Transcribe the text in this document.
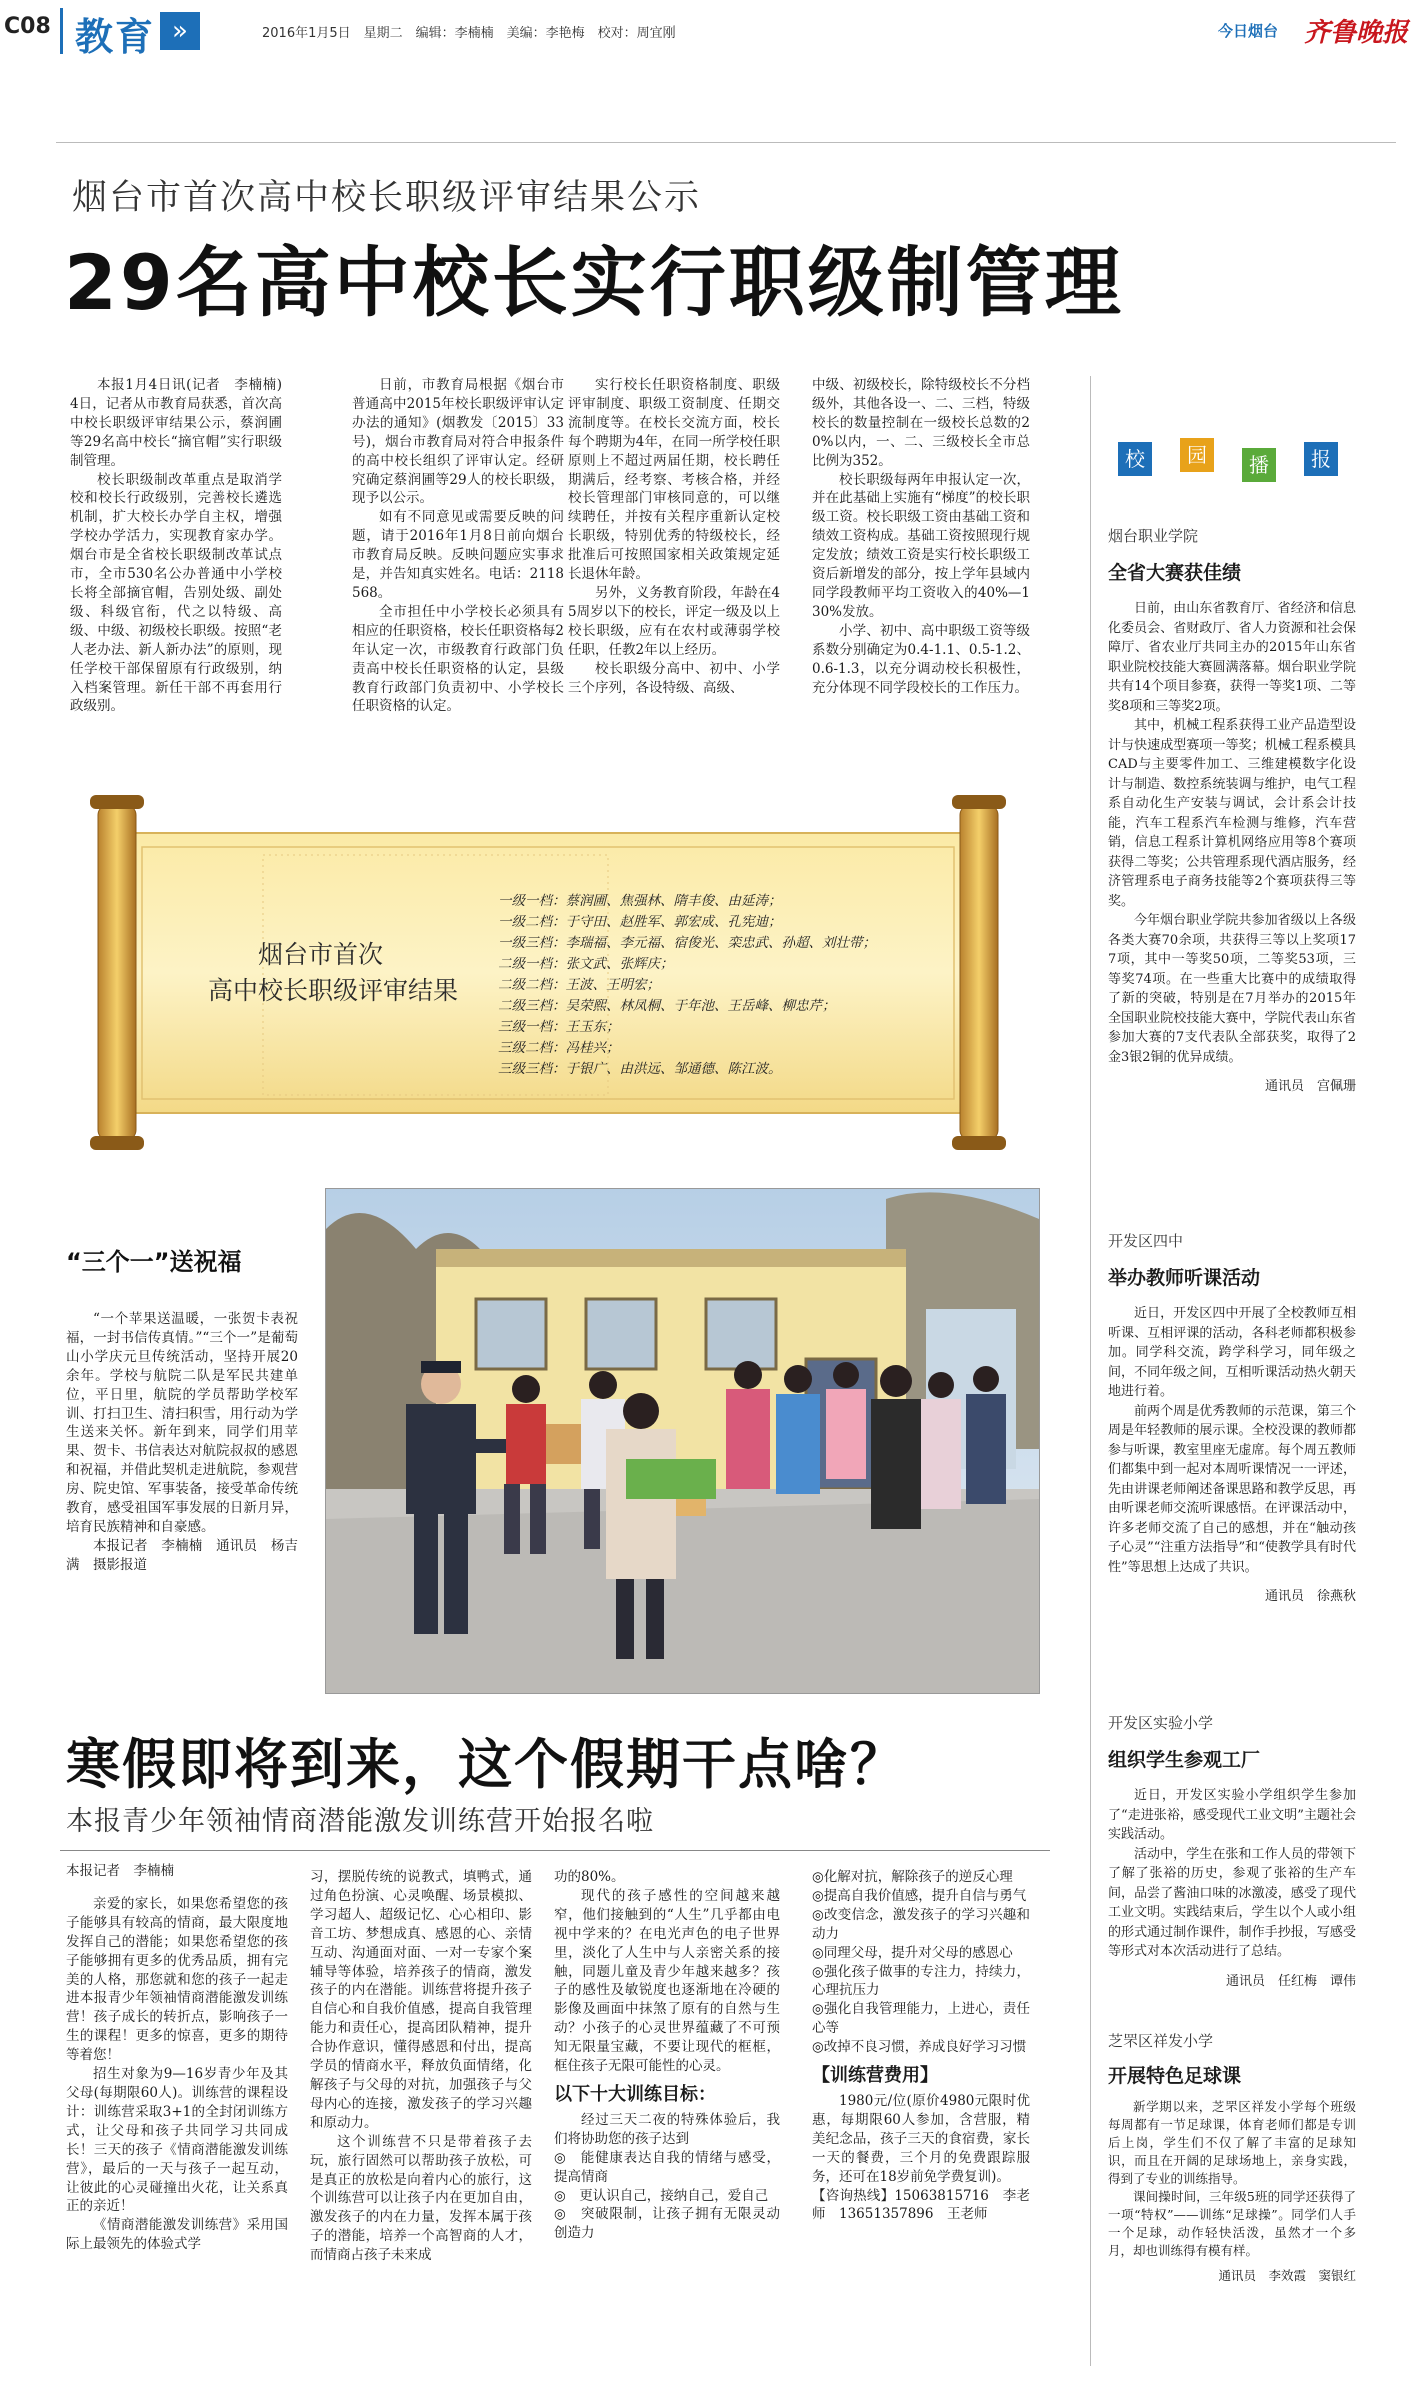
C08 教育 »	2016年1月5日　星期二　编辑：李楠楠　美编：李艳梅　校对：周宜刚	今日烟台 齐鲁晚报
烟台市首次高中校长职级评审结果公示
29名高中校长实行职级制管理

本报1月4日讯(记者　李楠楠)　4日，记者从市教育局获悉，首次高中校长职级评审结果公示，蔡润圃等29名高中校长“摘官帽”实行职级制管理。

校长职级制改革重点是取消学校和校长行政级别，完善校长遴选机制，扩大校长办学自主权，增强学校办学活力，实现教育家办学。烟台市是全省校长职级制改革试点市，全市530名公办普通中小学校长将全部摘官帽，告别处级、副处级、科级官衔，代之以特级、高级、中级、初级校长职级。按照“老人老办法、新人新办法”的原则，现任学校干部保留原有行政级别，纳入档案管理。新任干部不再套用行政级别。

日前，市教育局根据《烟台市普通高中2015年校长职级评审认定办法的通知》(烟教发〔2015〕33号)，烟台市教育局对符合申报条件的高中校长组织了评审认定。经研究确定蔡润圃等29人的校长职级，现予以公示。

如有不同意见或需要反映的问题，请于2016年1月8日前向烟台市教育局反映。反映问题应实事求是，并告知真实姓名。电话：2118568。

全市担任中小学校长必须具有相应的任职资格，校长任职资格每2年认定一次，市级教育行政部门负责高中校长任职资格的认定，县级教育行政部门负责初中、小学校长任职资格的认定。

实行校长任职资格制度、职级评审制度、职级工资制度、任期交流制度等。在校长交流方面，校长每个聘期为4年，在同一所学校任职原则上不超过两届任期，校长聘任期满后，经考察、考核合格，并经校长管理部门审核同意的，可以继续聘任，并按有关程序重新认定校长职级，特别优秀的特级校长，经批准后可按照国家相关政策规定延长退休年龄。

另外，义务教育阶段，年龄在45周岁以下的校长，评定一级及以上校长职级，应有在农村或薄弱学校任职，任教2年以上经历。

校长职级分高中、初中、小学三个序列，各设特级、高级、

中级、初级校长，除特级校长不分档级外，其他各设一、二、三档，特级校长的数量控制在一级校长总数的20%以内，一、二、三级校长全市总比例为352。

校长职级每两年申报认定一次，并在此基础上实施有“梯度”的校长职级工资。校长职级工资由基础工资和绩效工资构成。基础工资按照现行规定发放；绩效工资是实行校长职级工资后新增发的部分，按上学年县域内同学段教师平均工资收入的40%—130%发放。

小学、初中、高中职级工资等级系数分别确定为0.4-1.1、0.5-1.2、0.6-1.3，以充分调动校长积极性，充分体现不同学段校长的工作压力。

烟台市首次
高中校长职级评审结果
一级一档：蔡润圃、焦强林、隋丰俊、由延涛；
一级二档：于守田、赵胜军、郭宏成、孔宪迪；
一级三档：李瑞福、李元福、宿俊光、栾忠武、孙超、刘壮带；
二级一档：张文武、张辉庆；
二级二档：王波、王明宏；
二级三档：吴荣熙、林凤桐、于年池、王岳峰、柳忠芹；
三级一档：王玉东；
三级二档：冯桂兴；
三级三档：于银广、由洪远、邹通德、陈江波。
“三个一”送祝福

“一个苹果送温暖，一张贺卡表祝福，一封书信传真情。”“三个一”是葡萄山小学庆元旦传统活动，坚持开展20余年。学校与航院二队是军民共建单位，平日里，航院的学员帮助学校军训、打扫卫生、清扫积雪，用行动为学生送来关怀。新年到来，同学们用苹果、贺卡、书信表达对航院叔叔的感恩和祝福，并借此契机走进航院，参观营房、院史馆、军事装备，接受革命传统教育，感受祖国军事发展的日新月异，培育民族精神和自豪感。

本报记者　李楠楠　通讯员　杨吉满　摄影报道

寒假即将到来，这个假期干点啥？
本报青少年领袖情商潜能激发训练营开始报名啦

本报记者　李楠楠

亲爱的家长，如果您希望您的孩子能够具有较高的情商，最大限度地发挥自己的潜能；如果您希望您的孩子能够拥有更多的优秀品质，拥有完美的人格，那您就和您的孩子一起走进本报青少年领袖情商潜能激发训练营！孩子成长的转折点，影响孩子一生的课程！更多的惊喜，更多的期待等着您！

招生对象为9—16岁青少年及其父母(每期限60人)。训练营的课程设计：训练营采取3+1的全封闭训练方式，让父母和孩子共同学习共同成长！三天的孩子《情商潜能激发训练营》，最后的一天与孩子一起互动，让彼此的心灵碰撞出火花，让关系真正的亲近！

《情商潜能激发训练营》采用国际上最领先的体验式学

习，摆脱传统的说教式，填鸭式，通过角色扮演、心灵唤醒、场景模拟、学习超人、超级记忆、心心相印、影音工坊、梦想成真、感恩的心、亲情互动、沟通面对面、一对一专家个案辅导等体验，培养孩子的情商，激发孩子的内在潜能。训练营将提升孩子自信心和自我价值感，提高自我管理能力和责任心，提高团队精神，提升合协作意识，懂得感恩和付出，提高学员的情商水平，释放负面情绪，化解孩子与父母的对抗，加强孩子与父母内心的连接，激发孩子的学习兴趣和原动力。

这个训练营不只是带着孩子去玩，旅行固然可以帮助孩子放松，可是真正的放松是向着内心的旅行，这个训练营可以让孩子内在更加自由，激发孩子的内在力量，发挥本属于孩子的潜能，培养一个高智商的人才，而情商占孩子未来成

功的80%。

现代的孩子感性的空间越来越窄，他们接触到的“人生”几乎都由电视中学来的？在电光声色的电子世界里，淡化了人生中与人亲密关系的接触，同题儿童及青少年越来越多？孩子的感性及敏锐度也逐渐地在冷硬的影像及画面中抹煞了原有的自然与生动？小孩子的心灵世界蕴藏了不可预知无限量宝藏，不要让现代的框框，框住孩子无限可能性的心灵。

以下十大训练目标：

经过三天二夜的特殊体验后，我们将协助您的孩子达到

◎　能健康表达自我的情绪与感受，提高情商

◎　更认识自己，接纳自己，爱自己

◎　突破限制，让孩子拥有无限灵动创造力

◎化解对抗，解除孩子的逆反心理

◎提高自我价值感，提升自信与勇气

◎改变信念，激发孩子的学习兴趣和动力

◎同理父母，提升对父母的感恩心

◎强化孩子做事的专注力，持续力，心理抗压力

◎强化自我管理能力，上进心，责任心等

◎改掉不良习惯，养成良好学习习惯

【训练营费用】

1980元/位(原价4980元限时优惠，每期限60人参加，含营服，精美纪念品，孩子三天的食宿费，家长一天的餐费，三个月的免费跟踪服务，还可在18岁前免学费复训)。

【咨询热线】15063815716　李老师　13651357896　王老师

校	园	播	报
烟台职业学院
全省大赛获佳绩

日前，由山东省教育厅、省经济和信息化委员会、省财政厅、省人力资源和社会保障厅、省农业厅共同主办的2015年山东省职业院校技能大赛圆满落幕。烟台职业学院共有14个项目参赛，获得一等奖1项、二等奖8项和三等奖2项。

其中，机械工程系获得工业产品造型设计与快速成型赛项一等奖；机械工程系模具CAD与主要零件加工、三维建模数字化设计与制造、数控系统装调与维护，电气工程系自动化生产安装与调试，会计系会计技能，汽车工程系汽车检测与维修，汽车营销，信息工程系计算机网络应用等8个赛项获得二等奖；公共管理系现代酒店服务，经济管理系电子商务技能等2个赛项获得三等奖。

今年烟台职业学院共参加省级以上各级各类大赛70余项，共获得三等以上奖项177项，其中一等奖50项，二等奖53项，三等奖74项。在一些重大比赛中的成绩取得了新的突破，特别是在7月举办的2015年全国职业院校技能大赛中，学院代表山东省参加大赛的7支代表队全部获奖，取得了2金3银2铜的优异成绩。

通讯员　宫佩珊
开发区四中
举办教师听课活动

近日，开发区四中开展了全校教师互相听课、互相评课的活动，各科老师都积极参加。同学科交流，跨学科学习，同年级之间，不同年级之间，互相听课活动热火朝天地进行着。

前两个周是优秀教师的示范课，第三个周是年轻教师的展示课。全校没课的教师都参与听课，教室里座无虚席。每个周五教师们都集中到一起对本周听课情况一一评述，先由讲课老师阐述备课思路和教学反思，再由听课老师交流听课感悟。在评课活动中，许多老师交流了自己的感想，并在“触动孩子心灵”“注重方法指导”和“使教学具有时代性”等思想上达成了共识。

通讯员　徐燕秋
开发区实验小学
组织学生参观工厂

近日，开发区实验小学组织学生参加了“走进张裕，感受现代工业文明”主题社会实践活动。

活动中，学生在张和工作人员的带领下了解了张裕的历史，参观了张裕的生产车间，品尝了酱油口味的冰激凌，感受了现代工业文明。实践结束后，学生以个人或小组的形式通过制作课件，制作手抄报，写感受等形式对本次活动进行了总结。

通讯员　任红梅　谭伟
芝罘区祥发小学
开展特色足球课

新学期以来，芝罘区祥发小学每个班级每周都有一节足球课，体育老师们都是专训后上岗，学生们不仅了解了丰富的足球知识，而且在开阔的足球场地上，亲身实践，得到了专业的训练指导。

课间操时间，三年级5班的同学还获得了一项“特权”——训练“足球操”。同学们人手一个足球，动作轻快活泼，虽然才一个多月，却也训练得有模有样。

通讯员　李效霞　窦银红
